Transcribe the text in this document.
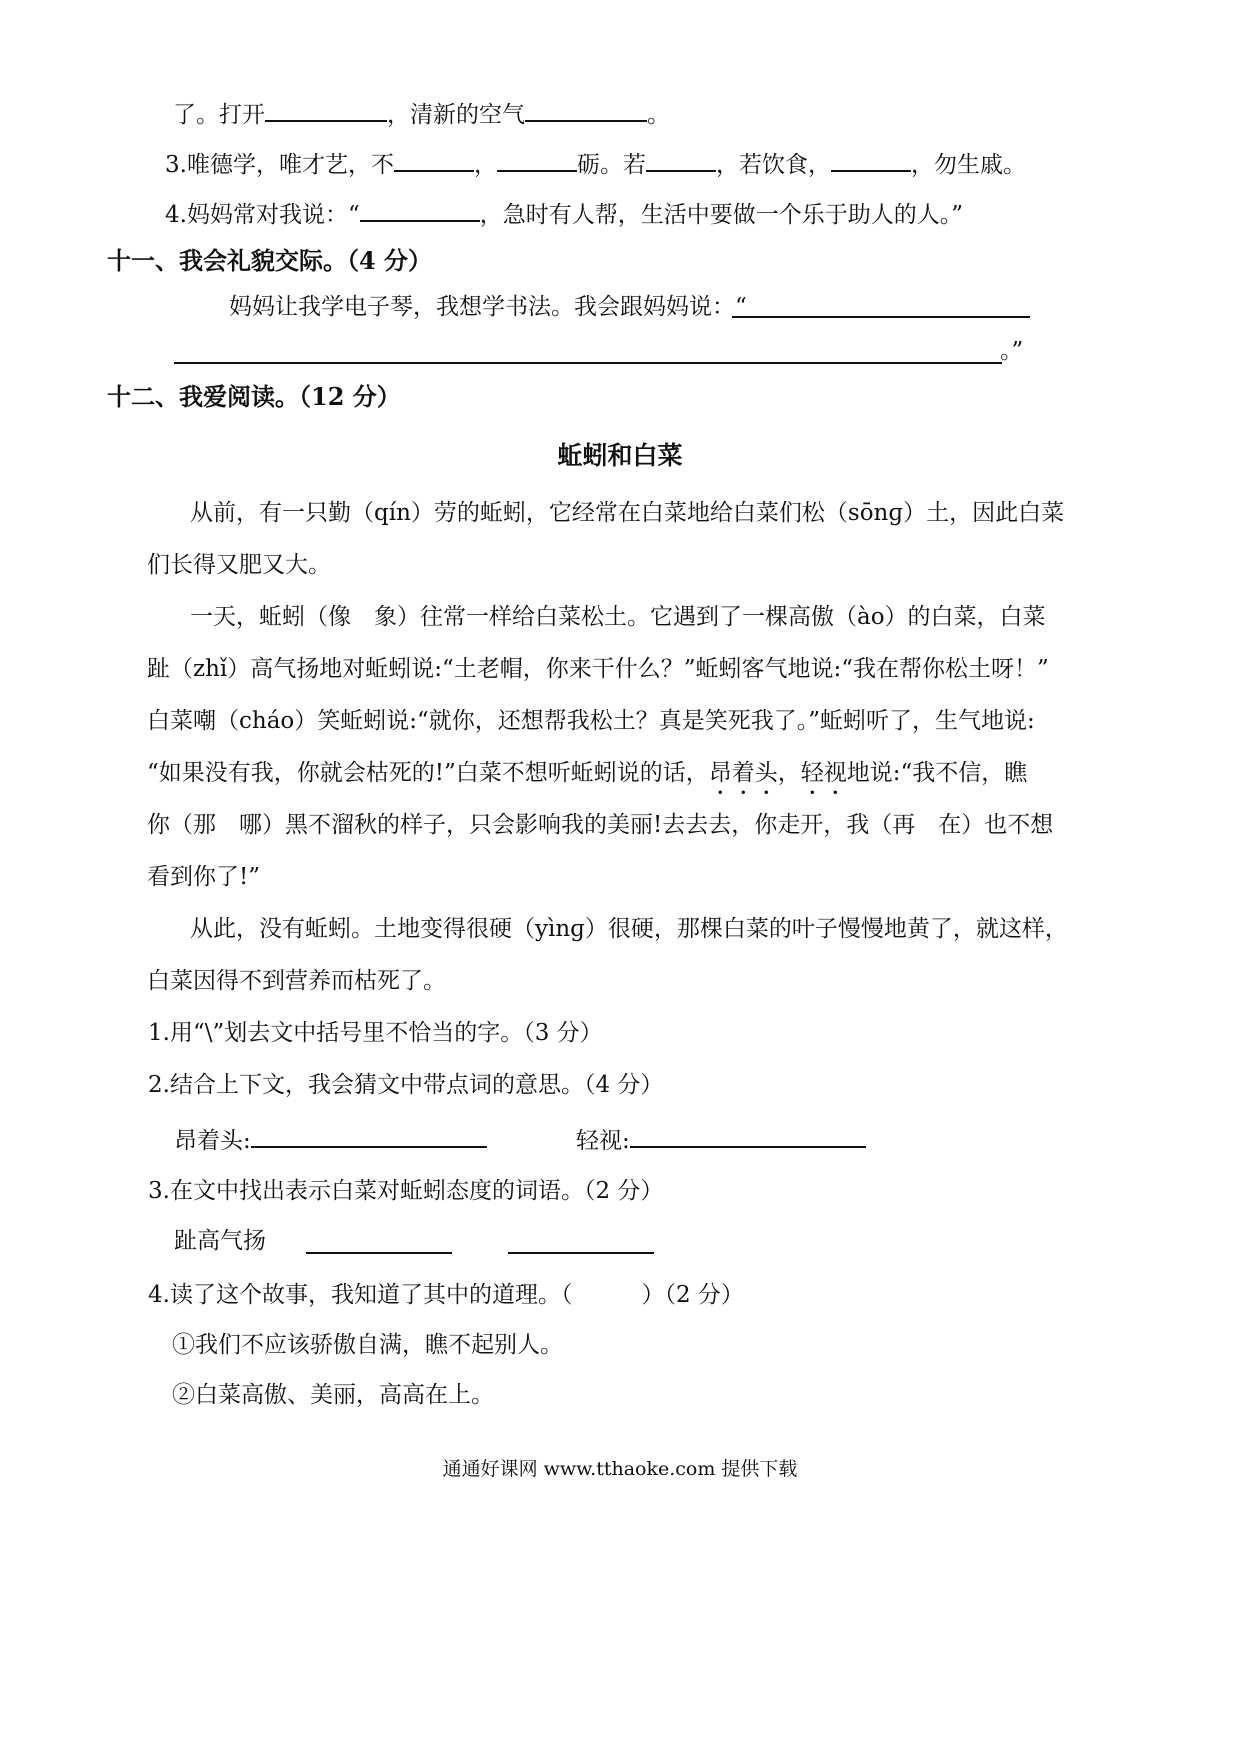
了。打开	，清新的空气	。
3.唯德学，唯才艺，不	，	砺。若	，若饮食，	，勿生戚。
4.妈妈常对我说：“	，急时有人帮，生活中要做一个乐于助人的人。”
十一、我会礼貌交际。（4 分）
妈妈让我学电子琴，我想学书法。我会跟妈妈说：“
。”
十二、我爱阅读。（12 分）
蚯蚓和白菜
从前，有一只勤（qín）劳的蚯蚓，它经常在白菜地给白菜们松（sōnɡ）土，因此白菜
们长得又肥又大。
一天，蚯蚓（像　象）往常一样给白菜松土。它遇到了一棵高傲（ào）的白菜，白菜
趾（zhǐ）高气扬地对蚯蚓说:“土老帽，你来干什么？”蚯蚓客气地说:“我在帮你松土呀！”
白菜嘲（cháo）笑蚯蚓说:“就你，还想帮我松土？真是笑死我了。”蚯蚓听了，生气地说:
“如果没有我，你就会枯死的!”白菜不想听蚯蚓说的话，昂着头，轻视地说:“我不信，瞧
你（那　哪）黑不溜秋的样子，只会影响我的美丽!去去去，你走开，我（再　在）也不想
看到你了!”
从此，没有蚯蚓。土地变得很硬（yìnɡ）很硬，那棵白菜的叶子慢慢地黄了，就这样，
白菜因得不到营养而枯死了。
1.用“\”划去文中括号里不恰当的字。（3 分）
2.结合上下文，我会猜文中带点词的意思。（4 分）
昂着头:	轻视:
3.在文中找出表示白菜对蚯蚓态度的词语。（2 分）
趾高气扬
4.读了这个故事，我知道了其中的道理。（　　　）（2 分）
①我们不应该骄傲自满，瞧不起别人。
②白菜高傲、美丽，高高在上。
通通好课网 www.tthaoke.com 提供下载
